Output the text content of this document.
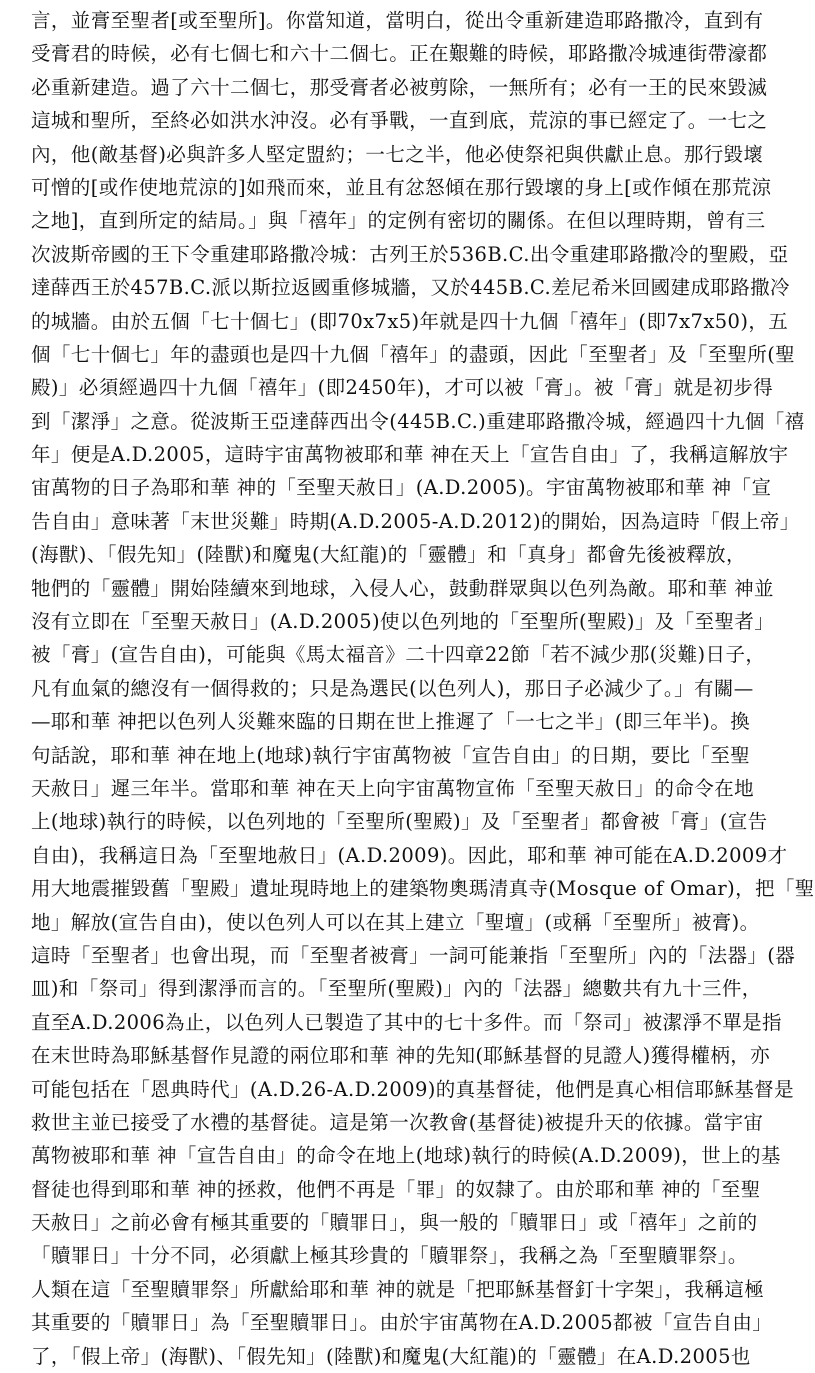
言，並膏至聖者[或至聖所]。你當知道，當明白，從出令重新建造耶路撒冷，直到有
受膏君的時候，必有七個七和六十二個七。正在艱難的時候，耶路撒冷城連街帶濠都
必重新建造。過了六十二個七，那受膏者必被剪除，一無所有；必有一王的民來毀滅
這城和聖所，至終必如洪水沖沒。必有爭戰，一直到底，荒涼的事已經定了。一七之
內，他(敵基督)必與許多人堅定盟約；一七之半，他必使祭祀與供獻止息。那行毀壞
可憎的[或作使地荒涼的]如飛而來，並且有忿怒傾在那行毀壞的身上[或作傾在那荒涼
之地]，直到所定的結局。」與「禧年」的定例有密切的關係。在但以理時期，曾有三
次波斯帝國的王下令重建耶路撒冷城：古列王於536B.C.出令重建耶路撒冷的聖殿，亞
達薛西王於457B.C.派以斯拉返國重修城牆，又於445B.C.差尼希米回國建成耶路撒冷
的城牆。由於五個「七十個七」(即70x7x5)年就是四十九個「禧年」(即7x7x50)，五
個「七十個七」年的盡頭也是四十九個「禧年」的盡頭，因此「至聖者」及「至聖所(聖
殿)」必須經過四十九個「禧年」(即2450年)，才可以被「膏」。被「膏」就是初步得
到「潔淨」之意。從波斯王亞達薛西出令(445B.C.)重建耶路撒冷城，經過四十九個「禧
年」便是A.D.2005，這時宇宙萬物被耶和華 神在天上「宣告自由」了，我稱這解放宇
宙萬物的日子為耶和華 神的「至聖天赦日」(A.D.2005)。宇宙萬物被耶和華 神「宣
告自由」意味著「末世災難」時期(A.D.2005-A.D.2012)的開始，因為這時「假上帝」
(海獸)、「假先知」(陸獸)和魔鬼(大紅龍)的「靈體」和「真身」都會先後被釋放，
牠們的「靈體」開始陸續來到地球，入侵人心，鼓動群眾與以色列為敵。耶和華 神並
沒有立即在「至聖天赦日」(A.D.2005)使以色列地的「至聖所(聖殿)」及「至聖者」
被「膏」(宣告自由)，可能與《馬太福音》二十四章22節「若不減少那(災難)日子，
凡有血氣的總沒有一個得救的；只是為選民(以色列人)，那日子必減少了。」有關—
—耶和華 神把以色列人災難來臨的日期在世上推遲了「一七之半」(即三年半)。換
句話說，耶和華 神在地上(地球)執行宇宙萬物被「宣告自由」的日期，要比「至聖
天赦日」遲三年半。當耶和華 神在天上向宇宙萬物宣佈「至聖天赦日」的命令在地
上(地球)執行的時候，以色列地的「至聖所(聖殿)」及「至聖者」都會被「膏」(宣告
自由)，我稱這日為「至聖地赦日」(A.D.2009)。因此，耶和華 神可能在A.D.2009才
用大地震摧毀舊「聖殿」遺址現時地上的建築物奧瑪清真寺(Mosque of Omar)，把「聖
地」解放(宣告自由)，使以色列人可以在其上建立「聖壇」(或稱「至聖所」被膏)。
這時「至聖者」也會出現，而「至聖者被膏」一詞可能兼指「至聖所」內的「法器」(器
皿)和「祭司」得到潔淨而言的。「至聖所(聖殿)」內的「法器」總數共有九十三件，
直至A.D.2006為止，以色列人已製造了其中的七十多件。而「祭司」被潔淨不單是指
在末世時為耶穌基督作見證的兩位耶和華 神的先知(耶穌基督的見證人)獲得權柄，亦
可能包括在「恩典時代」(A.D.26-A.D.2009)的真基督徒，他們是真心相信耶穌基督是
救世主並已接受了水禮的基督徒。這是第一次教會(基督徒)被提升天的依據。當宇宙
萬物被耶和華 神「宣告自由」的命令在地上(地球)執行的時候(A.D.2009)，世上的基
督徒也得到耶和華 神的拯救，他們不再是「罪」的奴隸了。由於耶和華 神的「至聖
天赦日」之前必會有極其重要的「贖罪日」，與一般的「贖罪日」或「禧年」之前的
「贖罪日」十分不同，必須獻上極其珍貴的「贖罪祭」，我稱之為「至聖贖罪祭」。
人類在這「至聖贖罪祭」所獻給耶和華 神的就是「把耶穌基督釘十字架」，我稱這極
其重要的「贖罪日」為「至聖贖罪日」。由於宇宙萬物在A.D.2005都被「宣告自由」
了，「假上帝」(海獸)、「假先知」(陸獸)和魔鬼(大紅龍)的「靈體」在A.D.2005也
